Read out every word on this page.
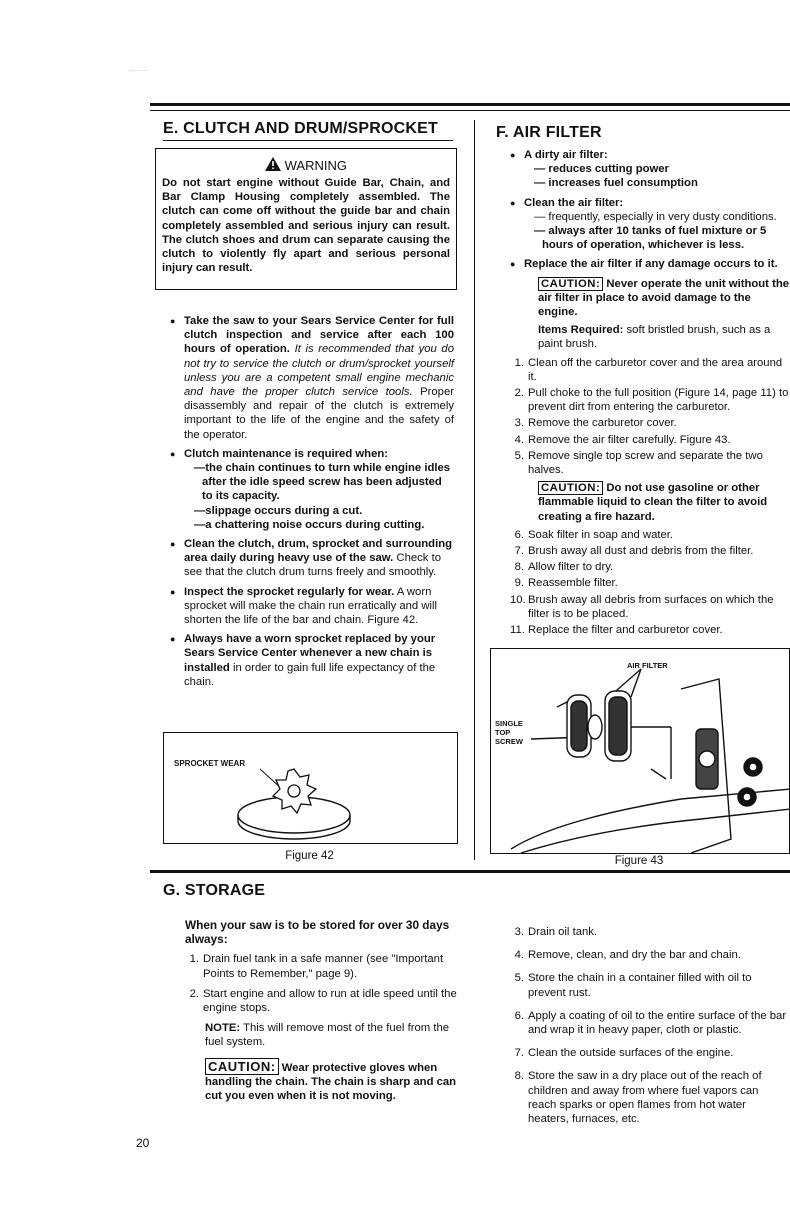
.........
E. CLUTCH AND DRUM/SPROCKET
WARNING
Do not start engine without Guide Bar, Chain, and Bar Clamp Housing completely assembled. The clutch can come off without the guide bar and chain completely assembled and serious injury can result. The clutch shoes and drum can separate causing the clutch to violently fly apart and serious personal injury can result.
● Take the saw to your Sears Service Center for full clutch inspection and service after each 100 hours of operation. It is recommended that you do not try to service the clutch or drum/sprocket yourself unless you are a competent small engine mechanic and have the proper clutch service tools. Proper disassembly and repair of the clutch is extremely important to the life of the engine and the safety of the operator.
● Clutch maintenance is required when:
—the chain continues to turn while engine idles after the idle speed screw has been adjusted to its capacity.
—slippage occurs during a cut.
—a chattering noise occurs during cutting.
● Clean the clutch, drum, sprocket and surrounding area daily during heavy use of the saw. Check to see that the clutch drum turns freely and smoothly.
● Inspect the sprocket regularly for wear. A worn sprocket will make the chain run erratically and will shorten the life of the bar and chain. Figure 42.
● Always have a worn sprocket replaced by your Sears Service Center whenever a new chain is installed in order to gain full life expectancy of the chain.
SPROCKET WEAR
Figure 42
F. AIR FILTER
● A dirty air filter:
— reduces cutting power
— increases fuel consumption
● Clean the air filter:
— frequently, especially in very dusty conditions.
— always after 10 tanks of fuel mixture or 5 hours of operation, whichever is less.
● Replace the air filter if any damage occurs to it.
CAUTION: Never operate the unit without the air filter in place to avoid damage to the engine.
Items Required: soft bristled brush, such as a paint brush.
1. Clean off the carburetor cover and the area around it.
2. Pull choke to the full position (Figure 14, page 11) to prevent dirt from entering the carburetor.
3. Remove the carburetor cover.
4. Remove the air filter carefully. Figure 43.
5. Remove single top screw and separate the two halves.
CAUTION: Do not use gasoline or other flammable liquid to clean the filter to avoid creating a fire hazard.
6. Soak filter in soap and water.
7. Brush away all dust and debris from the filter.
8. Allow filter to dry.
9. Reassemble filter.
10. Brush away all debris from surfaces on which the filter is to be placed.
11. Replace the filter and carburetor cover.
AIR FILTER
SINGLE TOP SCREW
Figure 43
G. STORAGE
When your saw is to be stored for over 30 days always:
1. Drain fuel tank in a safe manner (see "Important Points to Remember," page 9).
2. Start engine and allow to run at idle speed until the engine stops.
NOTE: This will remove most of the fuel from the fuel system.
CAUTION: Wear protective gloves when handling the chain. The chain is sharp and can cut you even when it is not moving.
3. Drain oil tank.
4. Remove, clean, and dry the bar and chain.
5. Store the chain in a container filled with oil to prevent rust.
6. Apply a coating of oil to the entire surface of the bar and wrap it in heavy paper, cloth or plastic.
7. Clean the outside surfaces of the engine.
8. Store the saw in a dry place out of the reach of children and away from where fuel vapors can reach sparks or open flames from hot water heaters, furnaces, etc.
20
